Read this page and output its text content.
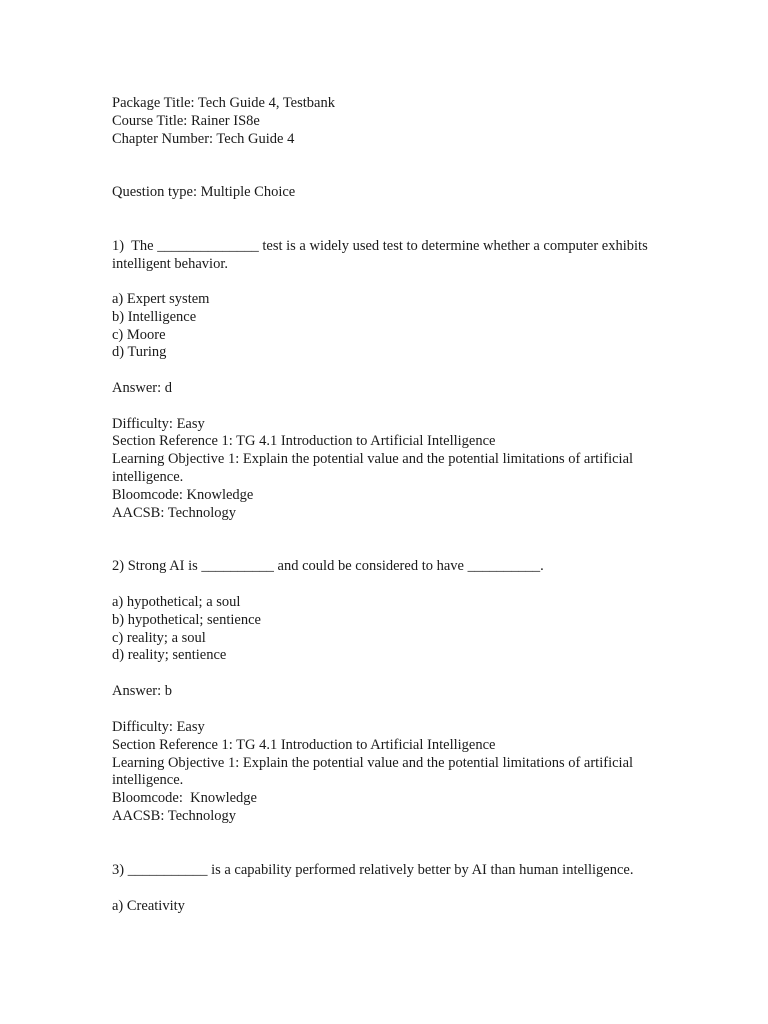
Package Title: Tech Guide 4, Testbank

Course Title: Rainer IS8e

Chapter Number: Tech Guide 4

Question type: Multiple Choice

1)  The ______________ test is a widely used test to determine whether a computer exhibits

intelligent behavior.

a) Expert system

b) Intelligence

c) Moore

d) Turing

Answer: d

Difficulty: Easy

Section Reference 1: TG 4.1 Introduction to Artificial Intelligence

Learning Objective 1: Explain the potential value and the potential limitations of artificial

intelligence.

Bloomcode: Knowledge

AACSB: Technology

2) Strong AI is __________ and could be considered to have __________.

a) hypothetical; a soul

b) hypothetical; sentience

c) reality; a soul

d) reality; sentience

Answer: b

Difficulty: Easy

Section Reference 1: TG 4.1 Introduction to Artificial Intelligence

Learning Objective 1: Explain the potential value and the potential limitations of artificial

intelligence.

Bloomcode:  Knowledge

AACSB: Technology

3) ___________ is a capability performed relatively better by AI than human intelligence.

a) Creativity
